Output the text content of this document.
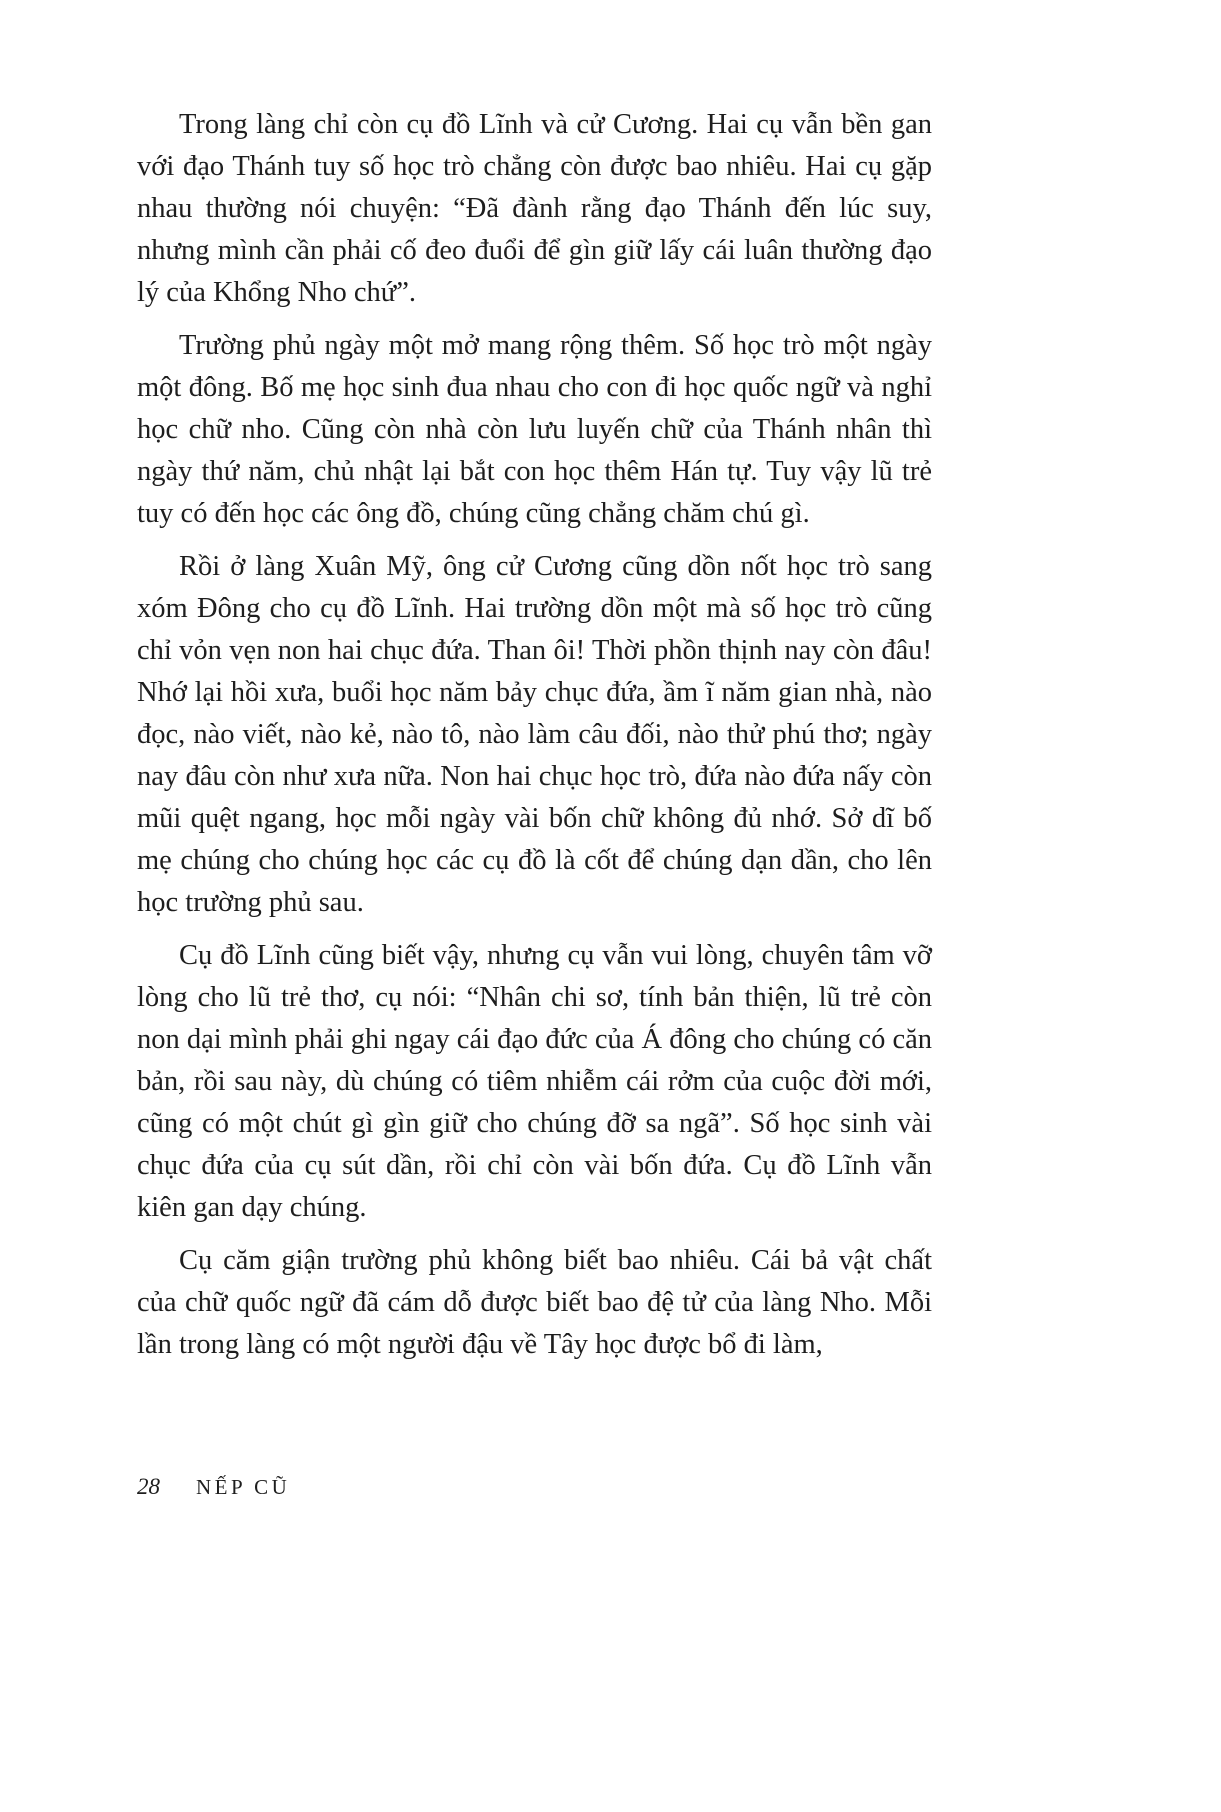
Trong làng chỉ còn cụ đồ Lĩnh và cử Cương. Hai cụ vẫn bền gan với đạo Thánh tuy số học trò chẳng còn được bao nhiêu. Hai cụ gặp nhau thường nói chuyện: “Đã đành rằng đạo Thánh đến lúc suy, nhưng mình cần phải cố đeo đuổi để gìn giữ lấy cái luân thường đạo lý của Khổng Nho chứ”.

Trường phủ ngày một mở mang rộng thêm. Số học trò một ngày một đông. Bố mẹ học sinh đua nhau cho con đi học quốc ngữ và nghỉ học chữ nho. Cũng còn nhà còn lưu luyến chữ của Thánh nhân thì ngày thứ năm, chủ nhật lại bắt con học thêm Hán tự. Tuy vậy lũ trẻ tuy có đến học các ông đồ, chúng cũng chẳng chăm chú gì.

Rồi ở làng Xuân Mỹ, ông cử Cương cũng dồn nốt học trò sang xóm Đông cho cụ đồ Lĩnh. Hai trường dồn một mà số học trò cũng chỉ vỏn vẹn non hai chục đứa. Than ôi! Thời phồn thịnh nay còn đâu! Nhớ lại hồi xưa, buổi học năm bảy chục đứa, ầm ĩ năm gian nhà, nào đọc, nào viết, nào kẻ, nào tô, nào làm câu đối, nào thử phú thơ; ngày nay đâu còn như xưa nữa. Non hai chục học trò, đứa nào đứa nấy còn mũi quệt ngang, học mỗi ngày vài bốn chữ không đủ nhớ. Sở dĩ bố mẹ chúng cho chúng học các cụ đồ là cốt để chúng dạn dần, cho lên học trường phủ sau.

Cụ đồ Lĩnh cũng biết vậy, nhưng cụ vẫn vui lòng, chuyên tâm vỡ lòng cho lũ trẻ thơ, cụ nói: “Nhân chi sơ, tính bản thiện, lũ trẻ còn non dại mình phải ghi ngay cái đạo đức của Á đông cho chúng có căn bản, rồi sau này, dù chúng có tiêm nhiễm cái rởm của cuộc đời mới, cũng có một chút gì gìn giữ cho chúng đỡ sa ngã”. Số học sinh vài chục đứa của cụ sút dần, rồi chỉ còn vài bốn đứa. Cụ đồ Lĩnh vẫn kiên gan dạy chúng.

Cụ căm giận trường phủ không biết bao nhiêu. Cái bả vật chất của chữ quốc ngữ đã cám dỗ được biết bao đệ tử của làng Nho. Mỗi lần trong làng có một người đậu về Tây học được bổ đi làm,

28 NẾP CŨ
